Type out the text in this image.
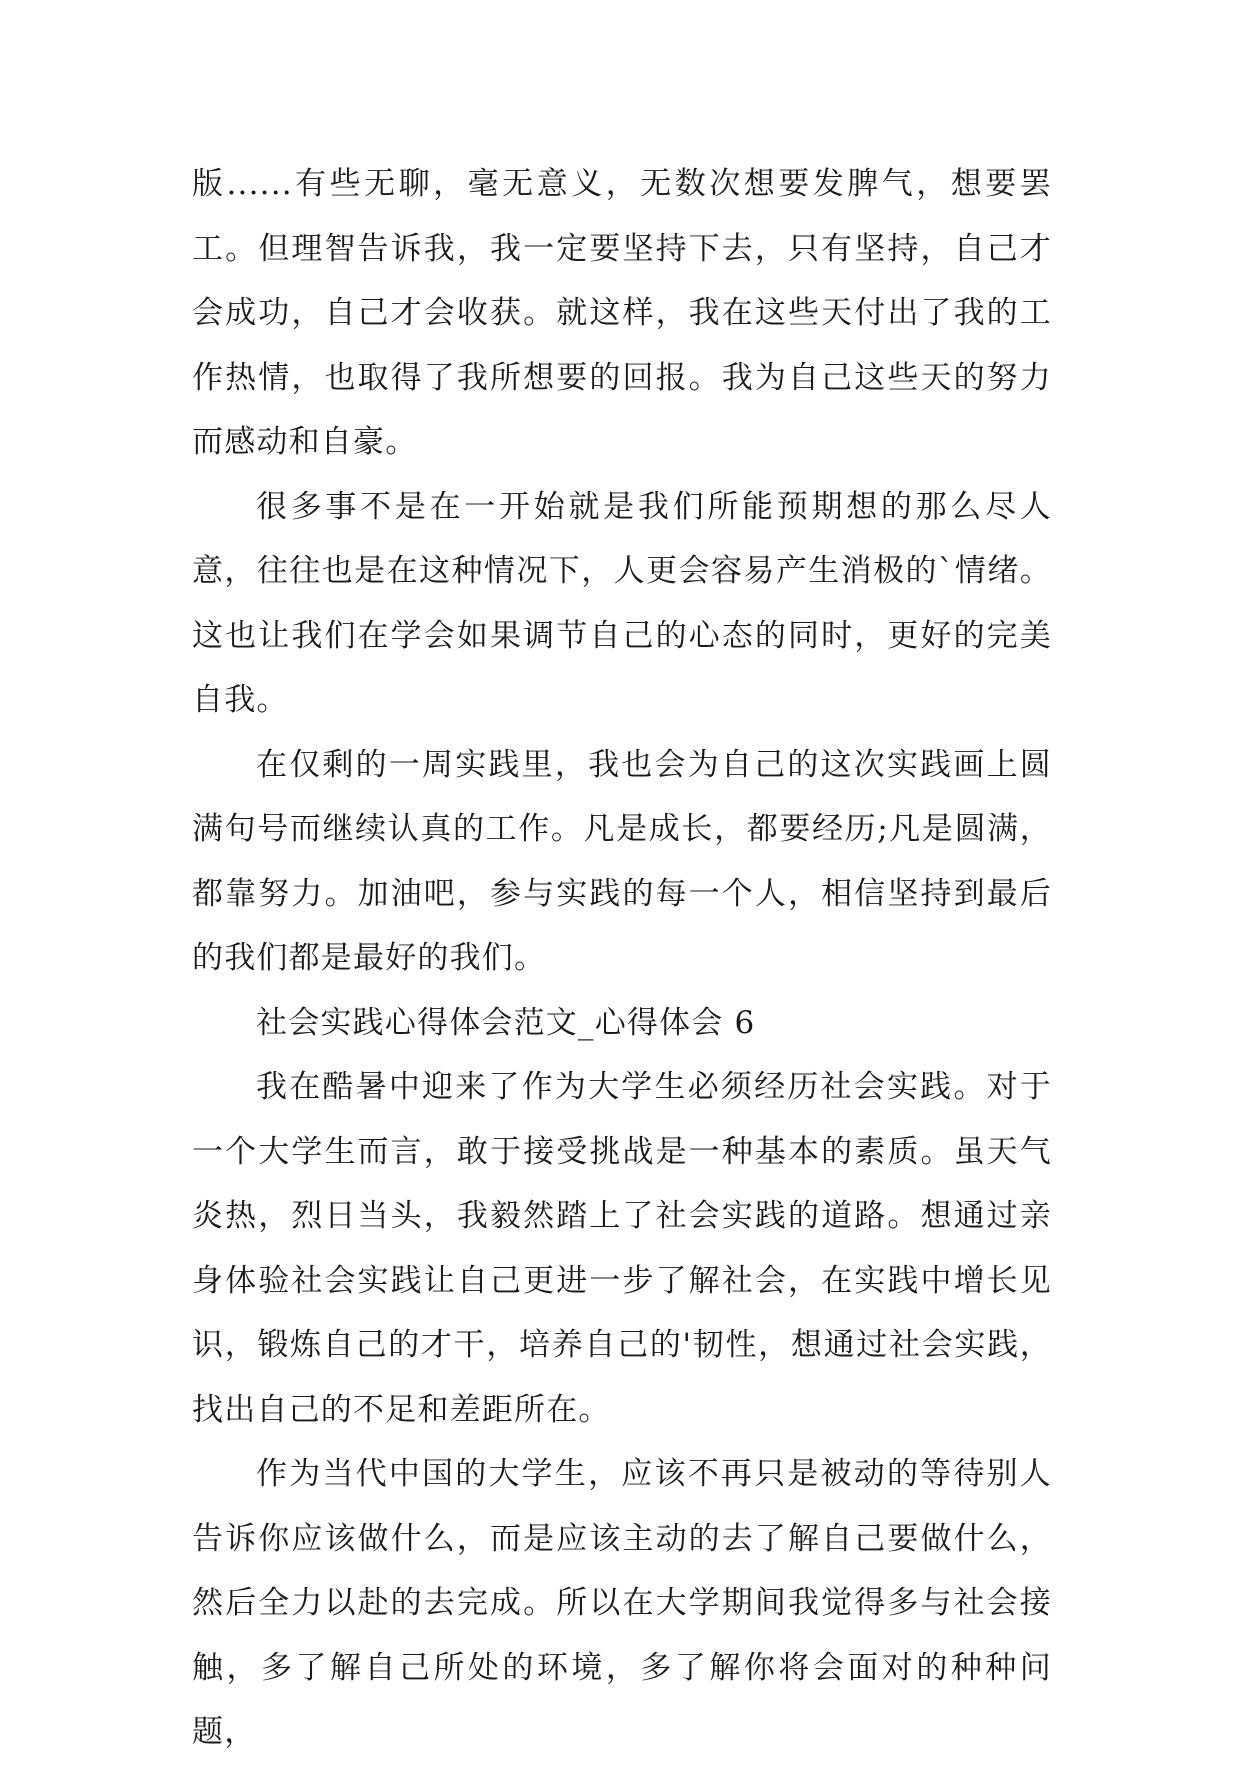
版......有些无聊，毫无意义，无数次想要发脾气，想要罢工。但理智告诉我，我一定要坚持下去，只有坚持，自己才会成功，自己才会收获。就这样，我在这些天付出了我的工作热情，也取得了我所想要的回报。我为自己这些天的努力而感动和自豪。

很多事不是在一开始就是我们所能预期想的那么尽人意，往往也是在这种情况下，人更会容易产生消极的`情绪。这也让我们在学会如果调节自己的心态的同时，更好的完美自我。

在仅剩的一周实践里，我也会为自己的这次实践画上圆满句号而继续认真的工作。凡是成长，都要经历;凡是圆满，都靠努力。加油吧，参与实践的每一个人，相信坚持到最后的我们都是最好的我们。

社会实践心得体会范文_心得体会 6

我在酷暑中迎来了作为大学生必须经历社会实践。对于一个大学生而言，敢于接受挑战是一种基本的素质。虽天气炎热，烈日当头，我毅然踏上了社会实践的道路。想通过亲身体验社会实践让自己更进一步了解社会，在实践中增长见识，锻炼自己的才干，培养自己的'韧性，想通过社会实践，找出自己的不足和差距所在。

作为当代中国的大学生，应该不再只是被动的等待别人告诉你应该做什么，而是应该主动的去了解自己要做什么，然后全力以赴的去完成。所以在大学期间我觉得多与社会接触，多了解自己所处的环境，多了解你将会面对的种种问题，
